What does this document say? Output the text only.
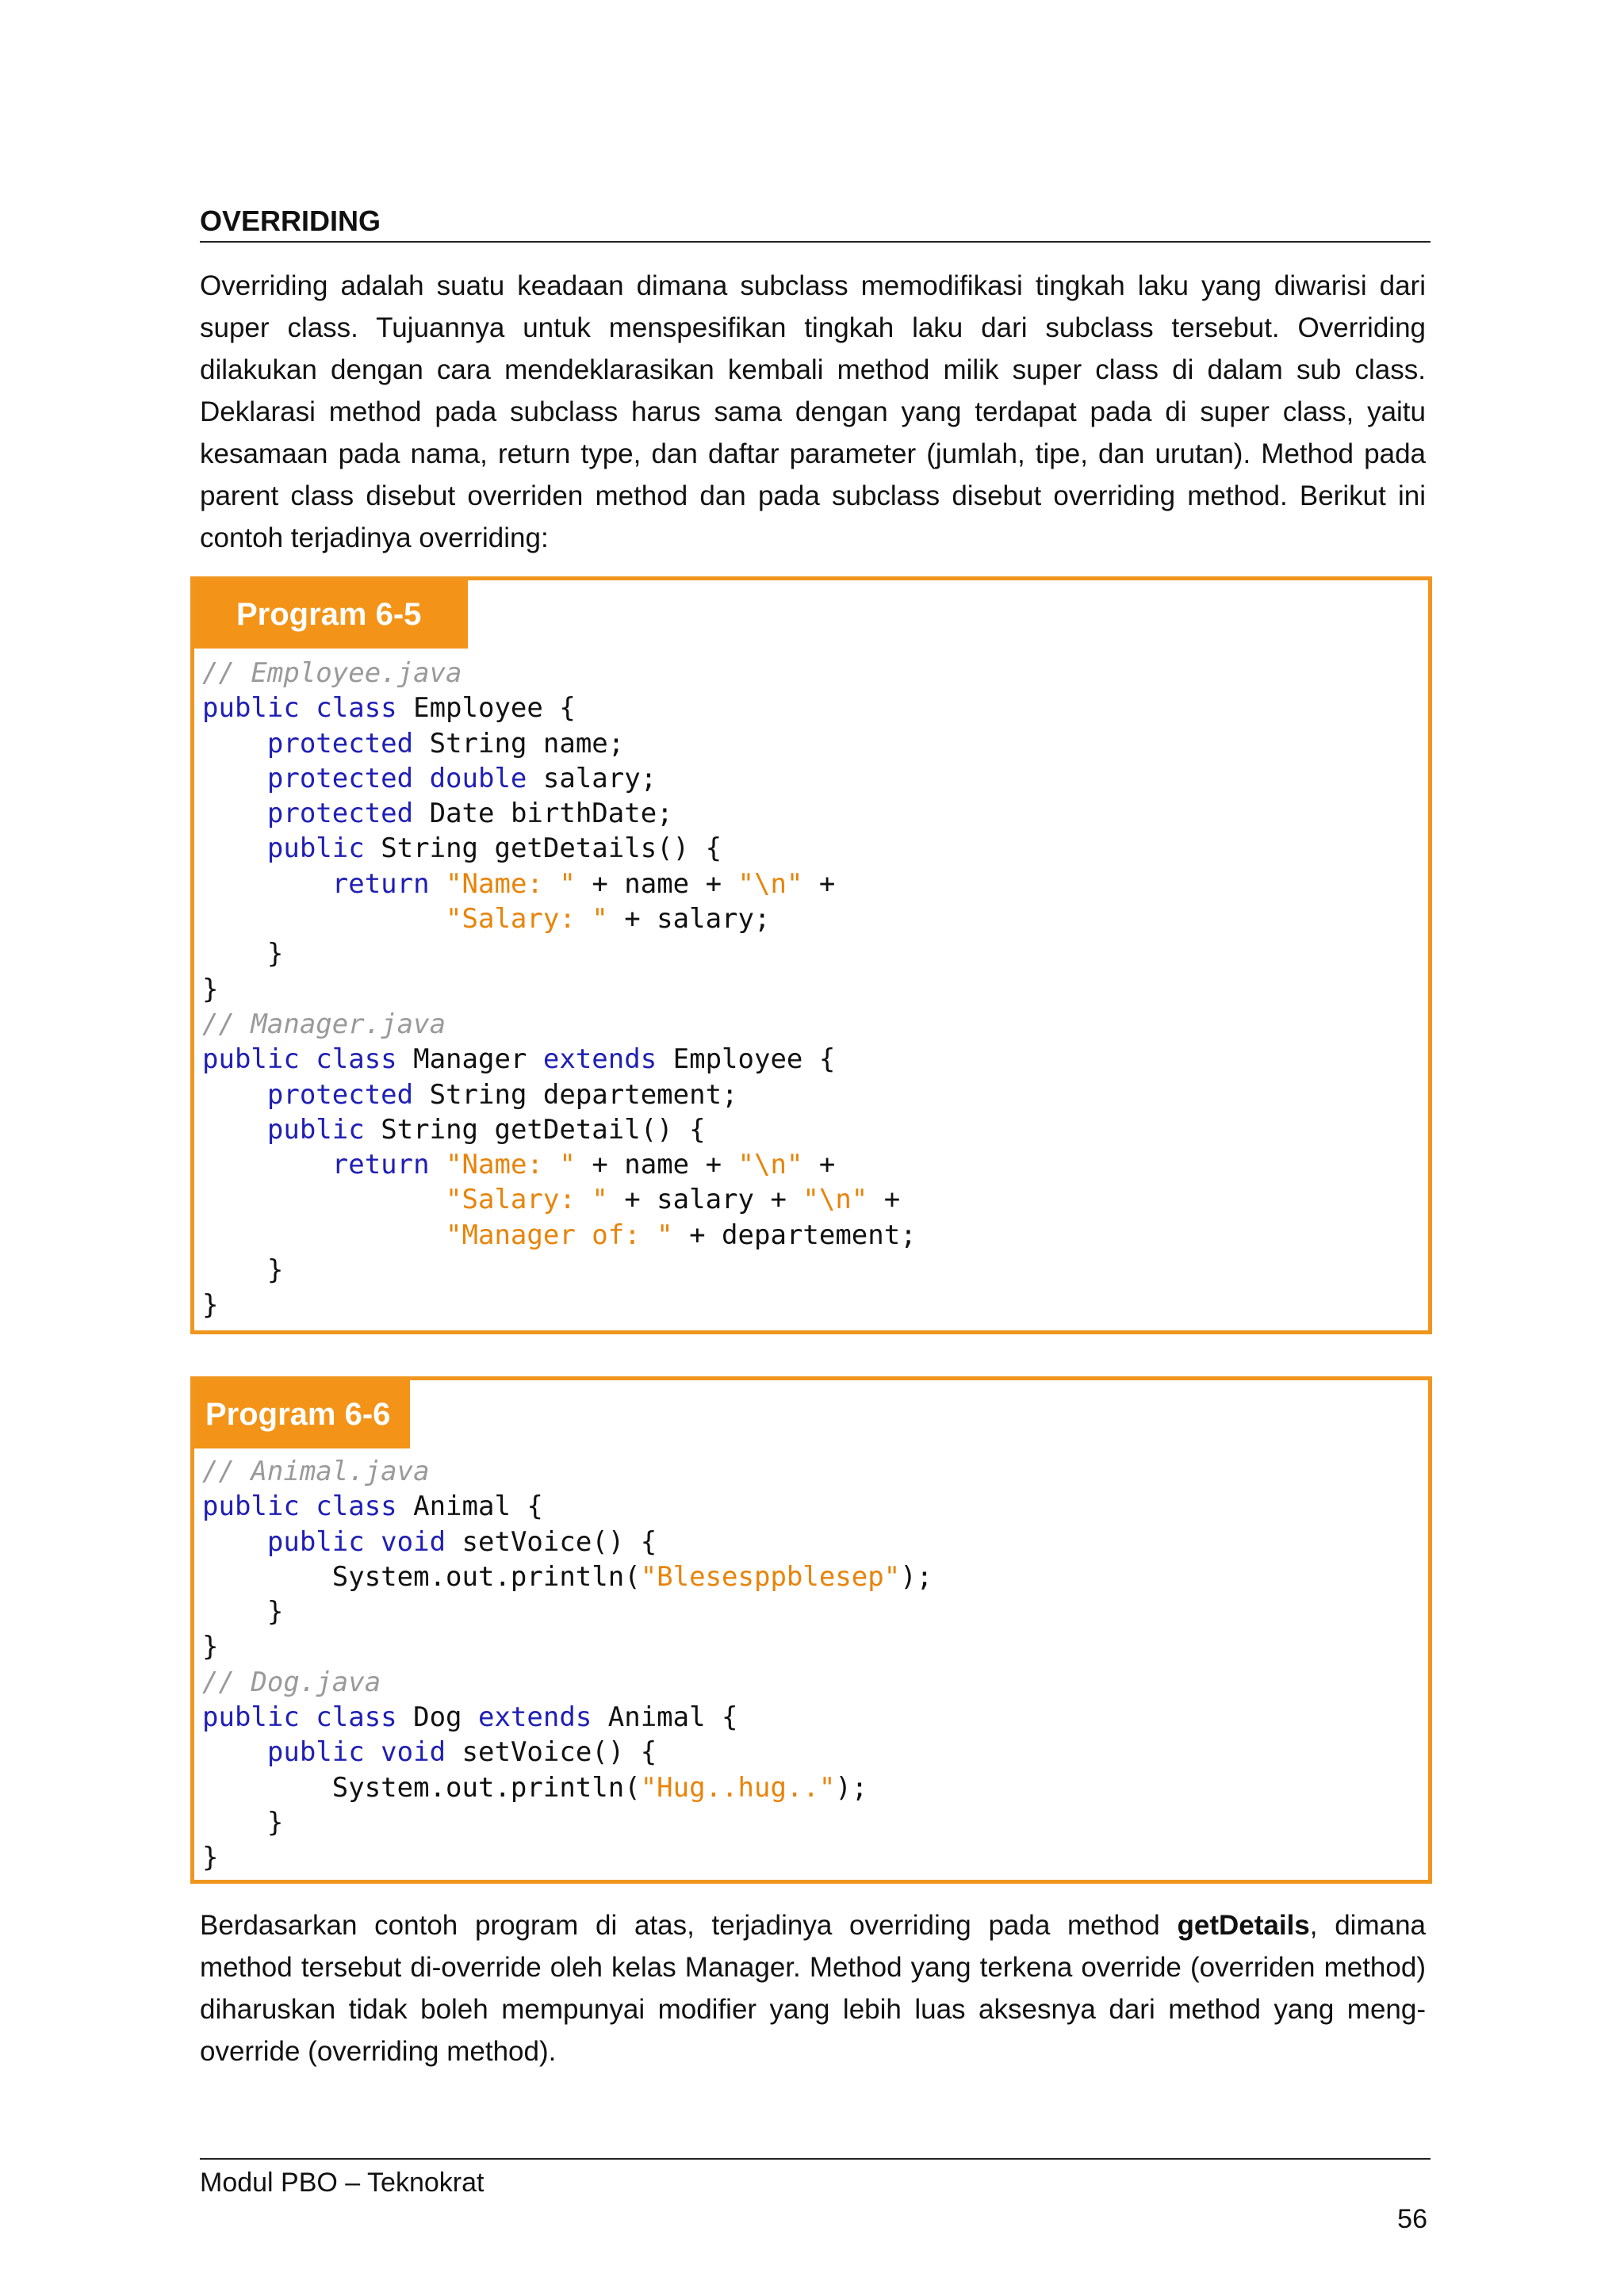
OVERRIDING
Overriding adalah suatu keadaan dimana subclass memodifikasi tingkah laku yang diwarisi dari super class. Tujuannya untuk menspesifikan tingkah laku dari subclass tersebut. Overriding dilakukan dengan cara mendeklarasikan kembali method milik super class di dalam sub class. Deklarasi method pada subclass harus sama dengan yang terdapat pada di super class, yaitu kesamaan pada nama, return type, dan daftar parameter (jumlah, tipe, dan urutan). Method pada parent class disebut overriden method dan pada subclass disebut overriding method. Berikut ini contoh terjadinya overriding:
Program 6-5
// Employee.java
public class Employee {
protected String name;
protected double salary;
protected Date birthDate;
public String getDetails() {
return "Name: " + name + "\n" +
"Salary: " + salary;
}
}
// Manager.java
public class Manager extends Employee {
protected String departement;
public String getDetail() {
return "Name: " + name + "\n" +
"Salary: " + salary + "\n" +
"Manager of: " + departement;
}
}
Program 6-6
// Animal.java
public class Animal {
public void setVoice() {
System.out.println("Blesesppblesep");
}
}
// Dog.java
public class Dog extends Animal {
public void setVoice() {
System.out.println("Hug..hug..");
}
}
Berdasarkan contoh program di atas, terjadinya overriding pada method getDetails, dimana method tersebut di-override oleh kelas Manager. Method yang terkena override (overriden method) diharuskan tidak boleh mempunyai modifier yang lebih luas aksesnya dari method yang meng-override (overriding method).
Modul PBO – Teknokrat
56
